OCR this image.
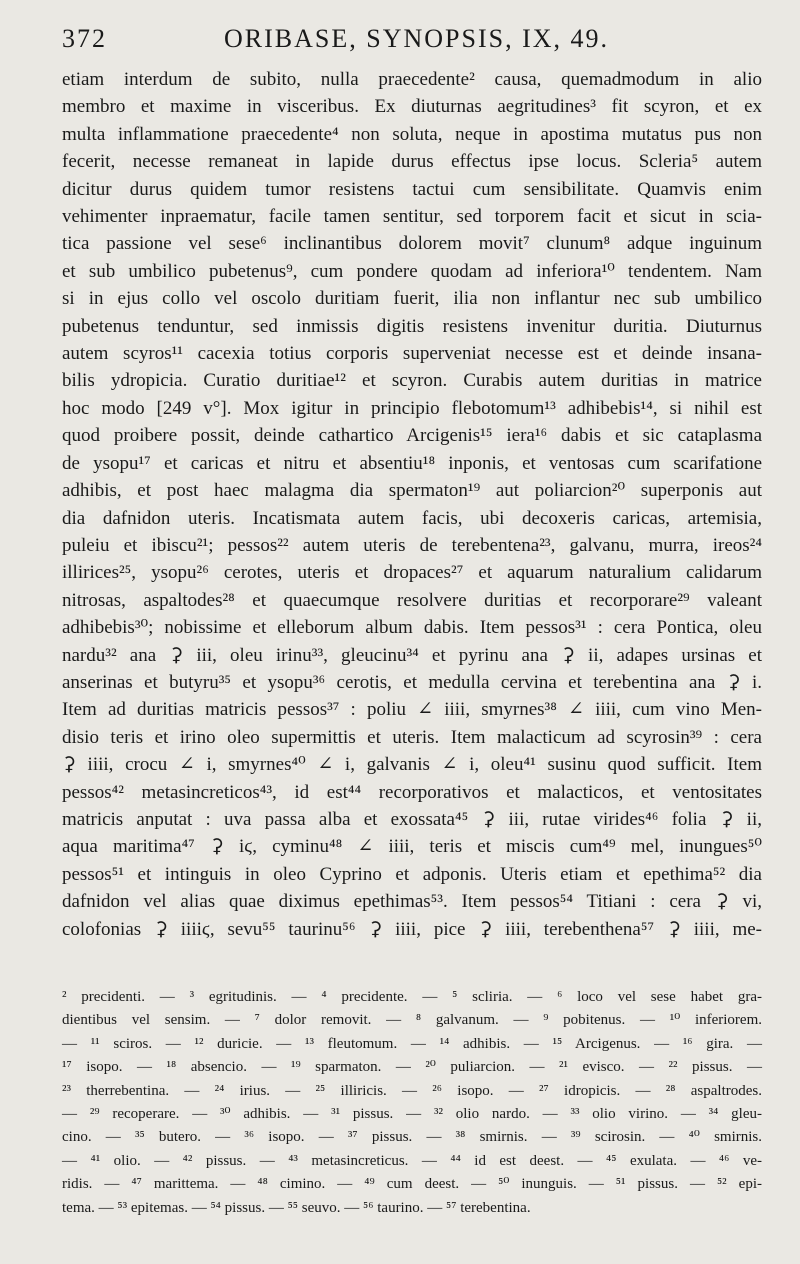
372	ORIBASE, SYNOPSIS, IX, 49.
etiam interdum de subito, nulla praecedente² causa, quemadmodum in alio
membro et maxime in visceribus. Ex diuturnas aegritudines³ fit scyron, et ex
multa inflammatione praecedente⁴ non soluta, neque in apostima mutatus pus non
fecerit, necesse remaneat in lapide durus effectus ipse locus. Scleria⁵ autem
dicitur durus quidem tumor resistens tactui cum sensibilitate. Quamvis enim
vehimenter inpraematur, facile tamen sentitur, sed torporem facit et sicut in scia-
tica passione vel sese⁶ inclinantibus dolorem movit⁷ clunum⁸ adque inguinum
et sub umbilico pubetenus⁹, cum pondere quodam ad inferiora¹⁰ tendentem. Nam
si in ejus collo vel oscolo duritiam fuerit, ilia non inflantur nec sub umbilico
pubetenus tenduntur, sed inmissis digitis resistens invenitur duritia. Diuturnus
autem scyros¹¹ cacexia totius corporis superveniat necesse est et deinde insana-
bilis ydropicia. Curatio duritiae¹² et scyron. Curabis autem duritias in matrice
hoc modo [249 v°]. Mox igitur in principio flebotomum¹³ adhibebis¹⁴, si nihil est
quod proibere possit, deinde cathartico Arcigenis¹⁵ iera¹⁶ dabis et sic cataplasma
de ysopu¹⁷ et caricas et nitru et absentiu¹⁸ inponis, et ventosas cum scarifatione
adhibis, et post haec malagma dia spermaton¹⁹ aut poliarcion²⁰ superponis aut
dia dafnidon uteris. Incatismata autem facis, ubi decoxeris caricas, artemisia,
puleiu et ibiscu²¹; pessos²² autem uteris de terebentena²³, galvanu, murra, ireos²⁴
illirices²⁵, ysopu²⁶ cerotes, uteris et dropaces²⁷ et aquarum naturalium calidarum
nitrosas, aspaltodes²⁸ et quaecumque resolvere duritias et recorporare²⁹ valeant
adhibebis³⁰; nobissime et elleborum album dabis. Item pessos³¹ : cera Pontica, oleu
nardu³² ana ⚳ iii, oleu irinu³³, gleucinu³⁴ et pyrinu ana ⚳ ii, adapes ursinas et
anserinas et butyru³⁵ et ysopu³⁶ cerotis, et medulla cervina et terebentina ana ⚳ i.
Item ad duritias matricis pessos³⁷ : poliu ∠ iiii, smyrnes³⁸ ∠ iiii, cum vino Men-
disio teris et irino oleo supermittis et uteris. Item malacticum ad scyrosin³⁹ : cera
⚳ iiii, crocu ∠ i, smyrnes⁴⁰ ∠ i, galvanis ∠ i, oleu⁴¹ susinu quod sufficit. Item
pessos⁴² metasincreticos⁴³, id est⁴⁴ recorporativos et malacticos, et ventositates
matricis anputat : uva passa alba et exossata⁴⁵ ⚳ iii, rutae virides⁴⁶ folia ⚳ ii,
aqua maritima⁴⁷ ⚳ iϛ, cyminu⁴⁸ ∠ iiii, teris et miscis cum⁴⁹ mel, inungues⁵⁰
pessos⁵¹ et intinguis in oleo Cyprino et adponis. Uteris etiam et epethima⁵² dia
dafnidon vel alias quae diximus epethimas⁵³. Item pessos⁵⁴ Titiani : cera ⚳ vi,
colofonias ⚳ iiiiϛ, sevu⁵⁵ taurinu⁵⁶ ⚳ iiii, pice ⚳ iiii, terebenthena⁵⁷ ⚳ iiii, me-
² precidenti. — ³ egritudinis. — ⁴ precidente. — ⁵ scliria. — ⁶ loco vel sese habet gra-
dientibus vel sensim. — ⁷ dolor removit. — ⁸ galvanum. — ⁹ pobitenus. — ¹⁰ inferiorem.
— ¹¹ sciros. — ¹² duricie. — ¹³ fleutomum. — ¹⁴ adhibis. — ¹⁵ Arcigenus. — ¹⁶ gira. —
¹⁷ isopo. — ¹⁸ absencio. — ¹⁹ sparmaton. — ²⁰ puliarcion. — ²¹ evisco. — ²² pissus. —
²³ therrebentina. — ²⁴ irius. — ²⁵ illiricis. — ²⁶ isopo. — ²⁷ idropicis. — ²⁸ aspaltrodes.
— ²⁹ recoperare. — ³⁰ adhibis. — ³¹ pissus. — ³² olio nardo. — ³³ olio virino. — ³⁴ gleu-
cino. — ³⁵ butero. — ³⁶ isopo. — ³⁷ pissus. — ³⁸ smirnis. — ³⁹ scirosin. — ⁴⁰ smirnis.
— ⁴¹ olio. — ⁴² pissus. — ⁴³ metasincreticus. — ⁴⁴ id est deest. — ⁴⁵ exulata. — ⁴⁶ ve-
ridis. — ⁴⁷ marittema. — ⁴⁸ cimino. — ⁴⁹ cum deest. — ⁵⁰ inunguis. — ⁵¹ pissus. — ⁵² epi-
tema. — ⁵³ epitemas. — ⁵⁴ pissus. — ⁵⁵ seuvo. — ⁵⁶ taurino. — ⁵⁷ terebentina.
